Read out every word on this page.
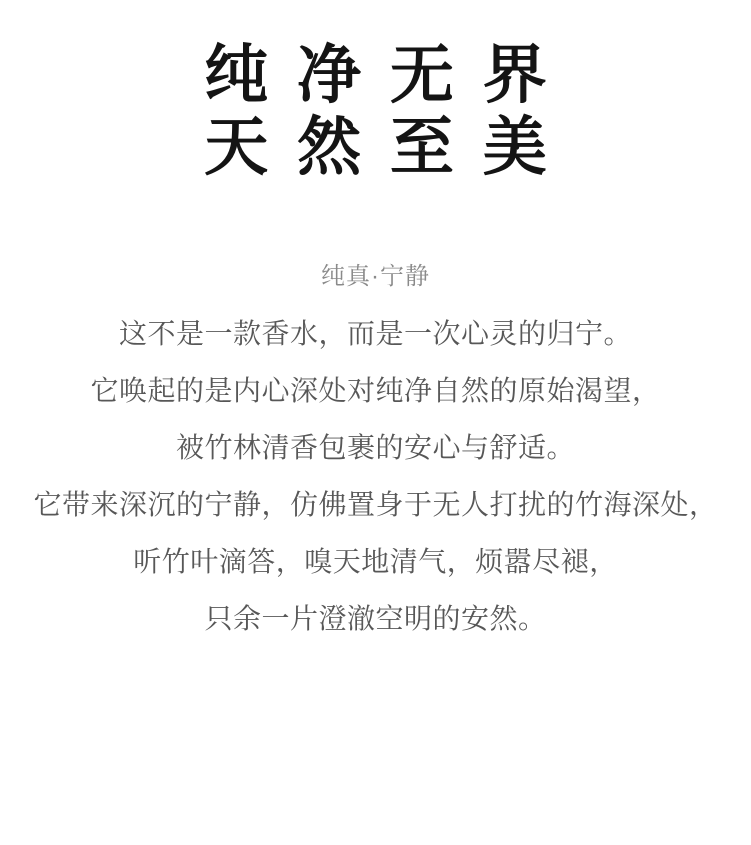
纯净无界
天然至美
纯真·宁静
这不是一款香水，而是一次心灵的归宁。
它唤起的是内心深处对纯净自然的原始渴望，
被竹林清香包裹的安心与舒适。
它带来深沉的宁静，仿佛置身于无人打扰的竹海深处，
听竹叶滴答，嗅天地清气，烦嚣尽褪，
只余一片澄澈空明的安然。
